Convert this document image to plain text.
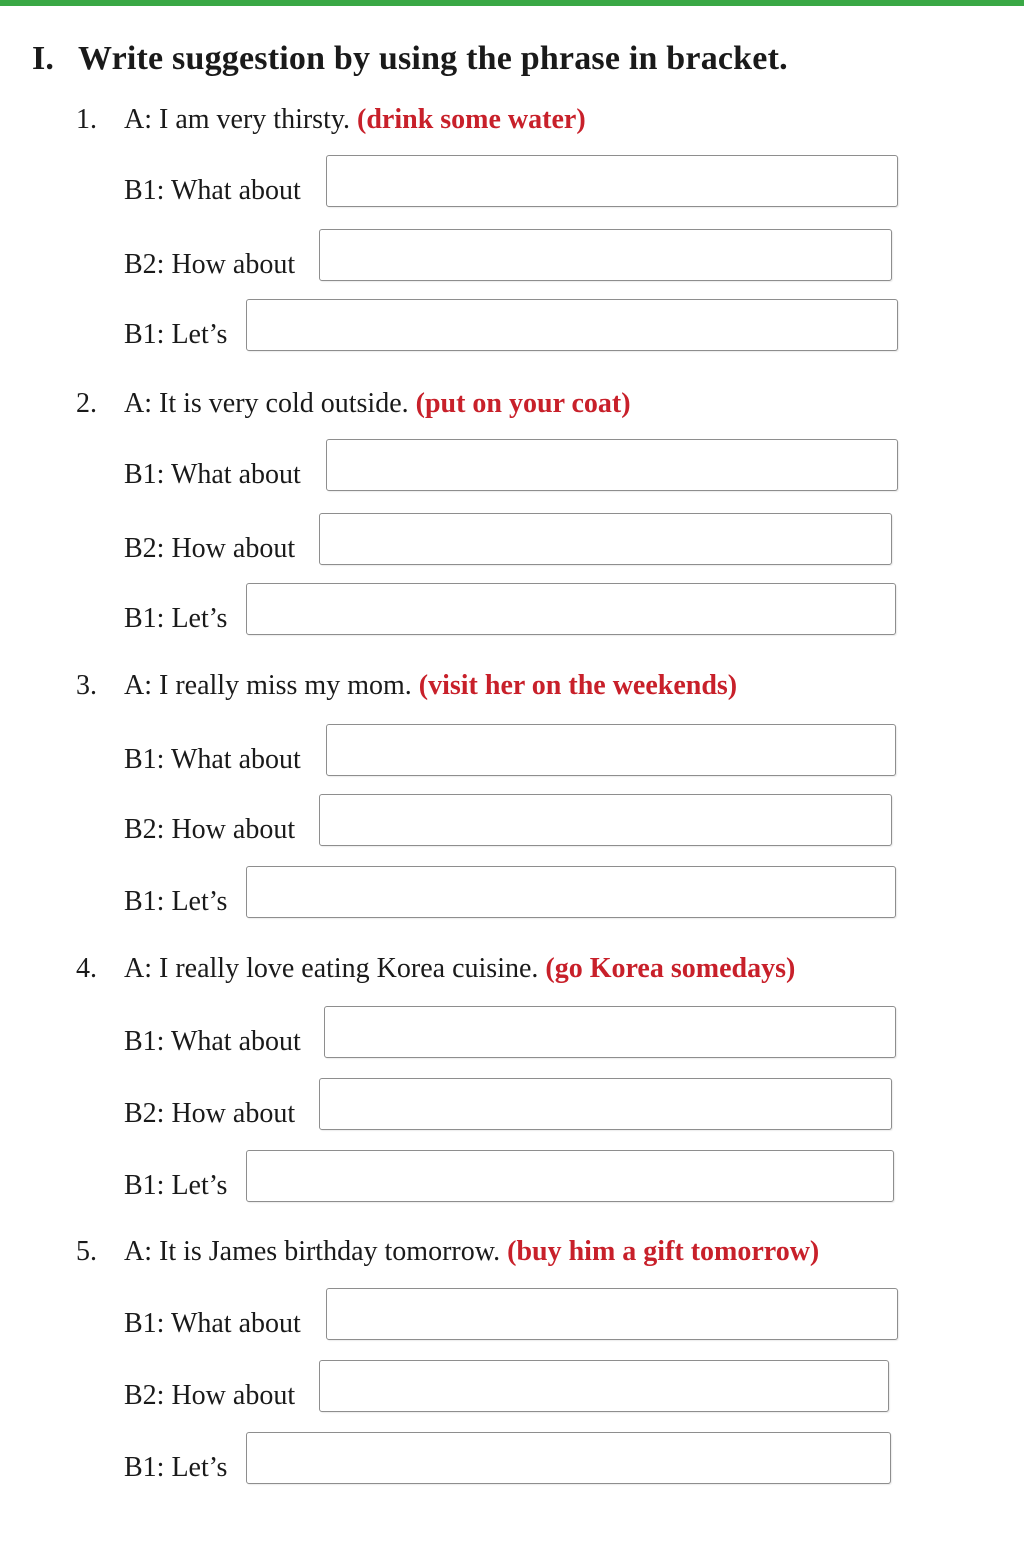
I. Write suggestion by using the phrase in bracket.
1. A: I am very thirsty. (drink some water)
B1: What about
B2: How about
B1: Let’s
2. A: It is very cold outside. (put on your coat)
B1: What about
B2: How about
B1: Let’s
3. A: I really miss my mom. (visit her on the weekends)
B1: What about
B2: How about
B1: Let’s
4. A: I really love eating Korea cuisine. (go Korea somedays)
B1: What about
B2: How about
B1: Let’s
5. A: It is James birthday tomorrow. (buy him a gift tomorrow)
B1: What about
B2: How about
B1: Let’s
